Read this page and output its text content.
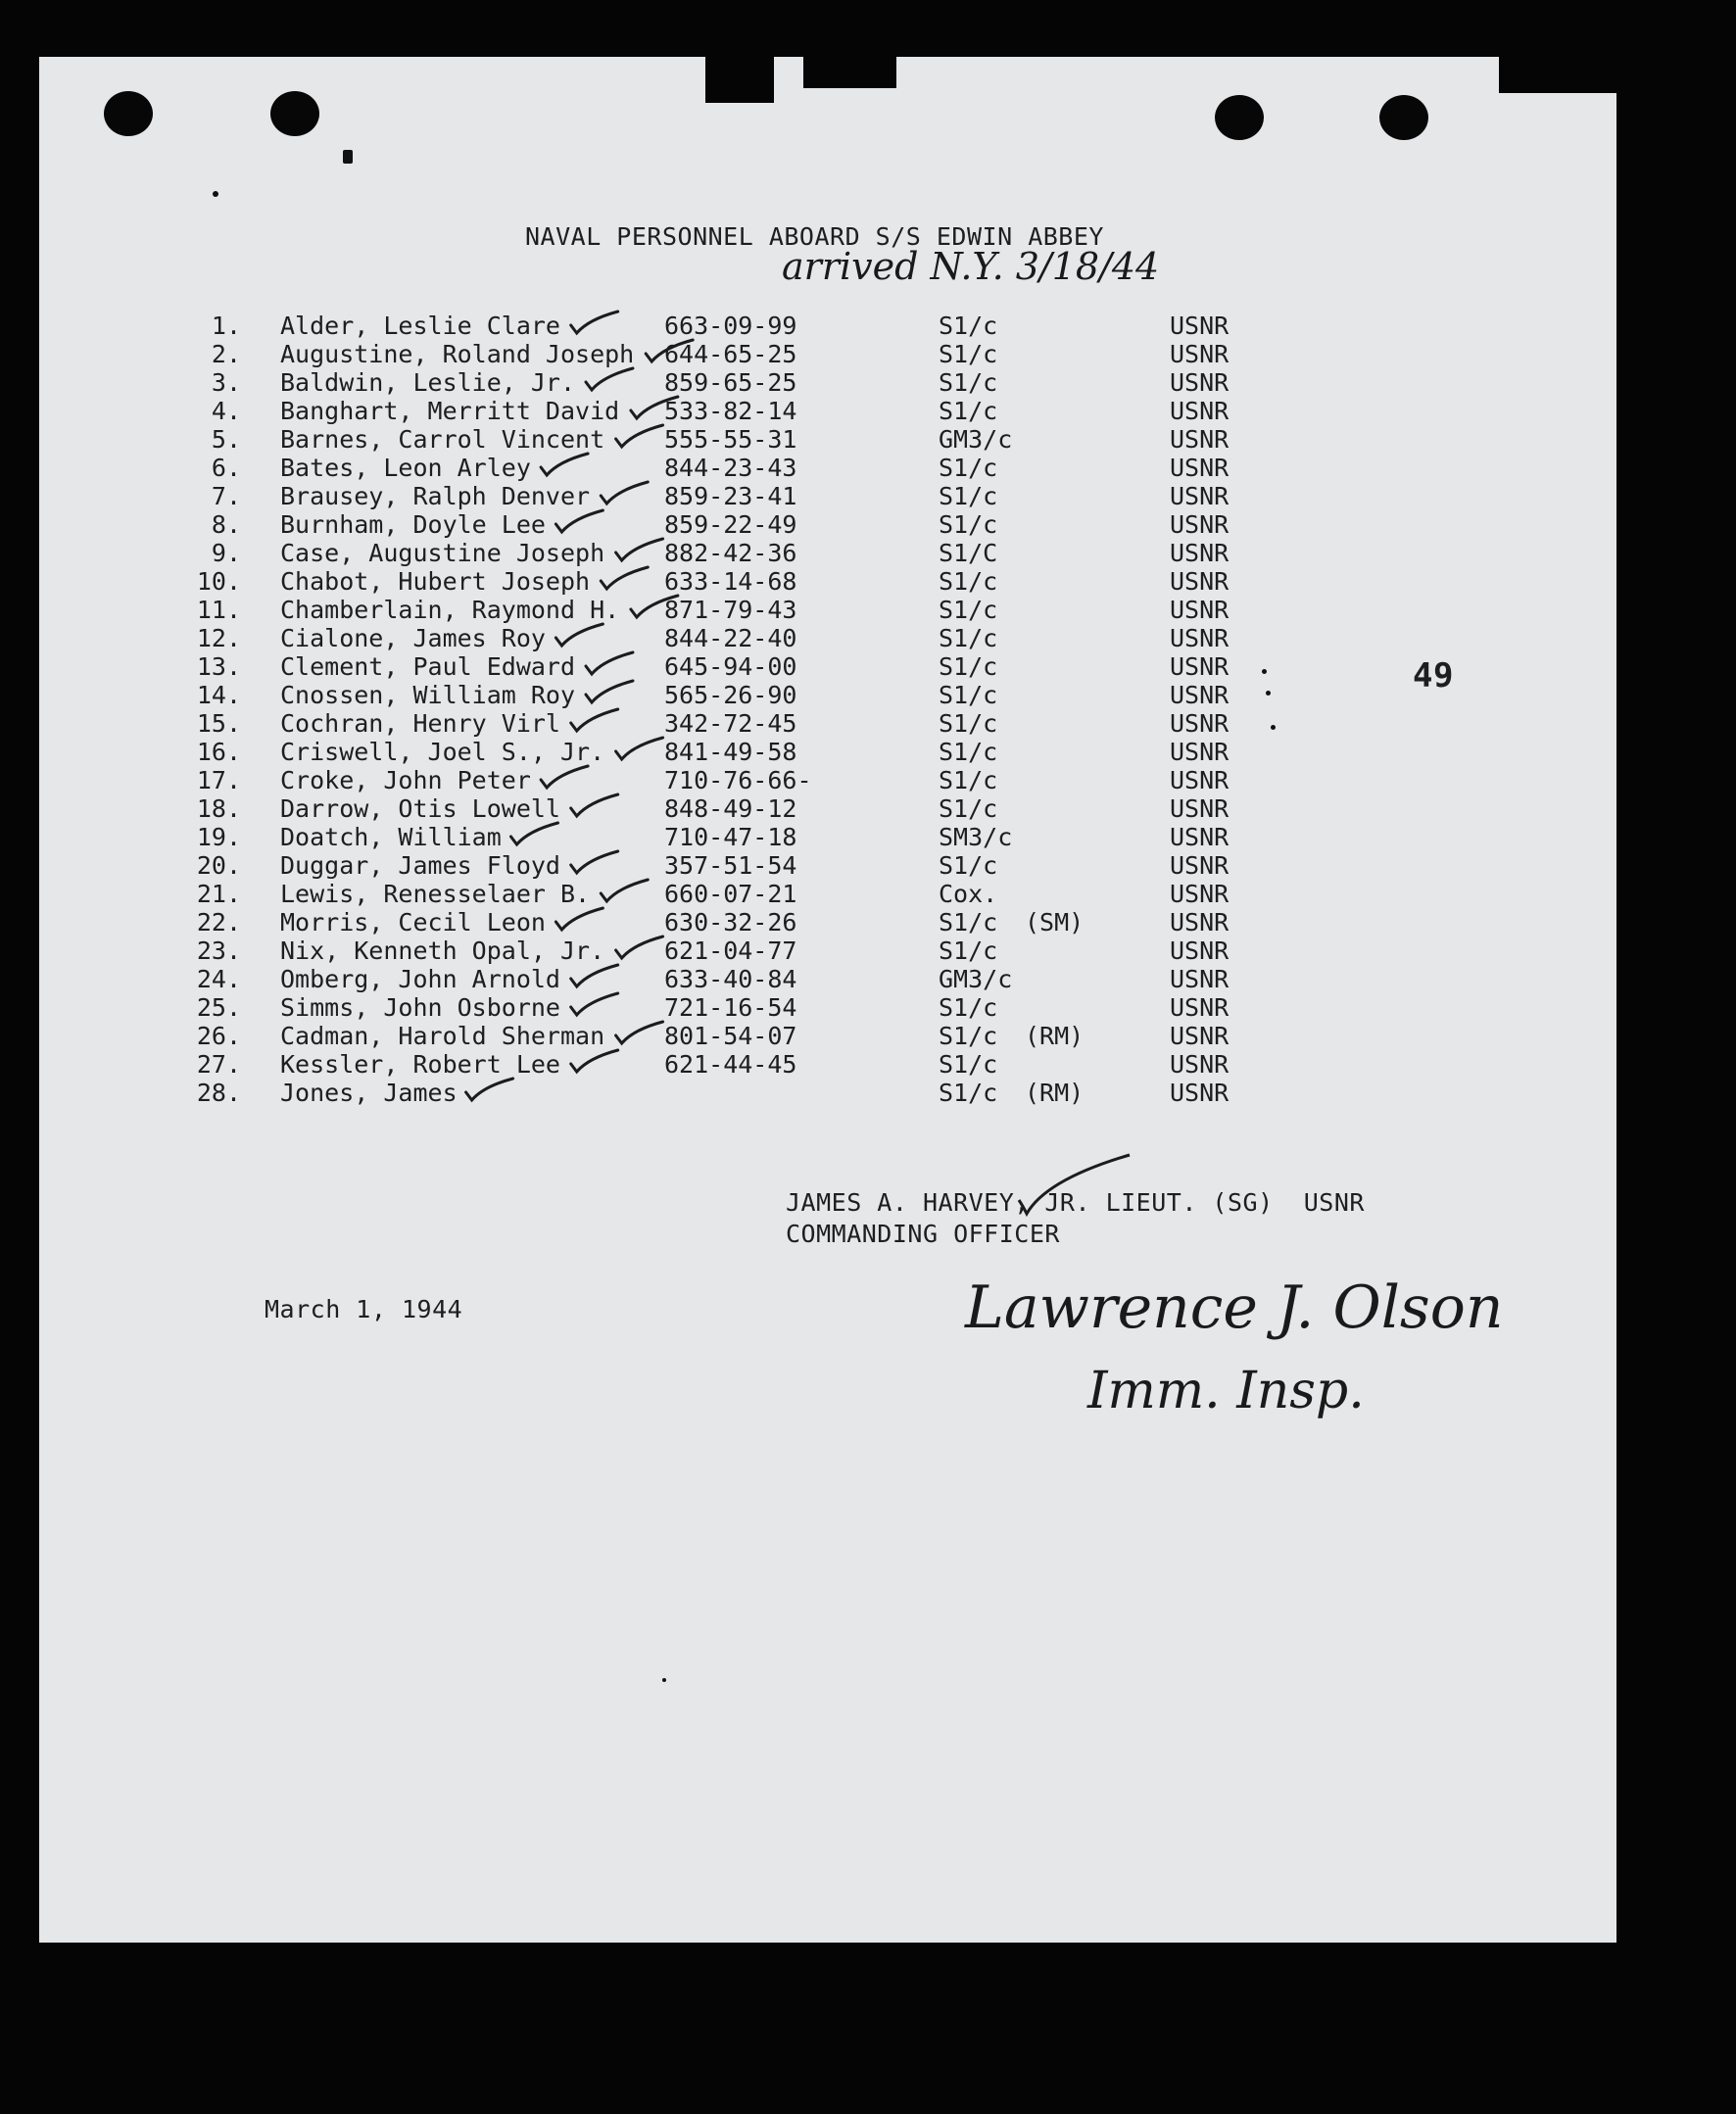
NAVAL PERSONNEL ABOARD S/S EDWIN ABBEY
arrived N.Y. 3/18/44
49
1. Alder, Leslie Clare	663-09-99	S1/c	USNR
2. Augustine, Roland Joseph 644-65-25	S1/c	USNR
3. Baldwin, Leslie, Jr.	859-65-25	S1/c	USNR
4. Banghart, Merritt David 533-82-14	S1/c	USNR
5. Barnes, Carrol Vincent 555-55-31	GM3/c	USNR
6. Bates, Leon Arley	844-23-43	S1/c	USNR
7. Brausey, Ralph Denver	859-23-41	S1/c	USNR
8. Burnham, Doyle Lee	859-22-49	S1/c	USNR
9. Case, Augustine Joseph 882-42-36	S1/C	USNR
10. Chabot, Hubert Joseph	633-14-68	S1/c	USNR
11. Chamberlain, Raymond H. 871-79-43	S1/c	USNR
12. Cialone, James Roy	844-22-40	S1/c	USNR
13. Clement, Paul Edward	645-94-00	S1/c	USNR
14. Cnossen, William Roy	565-26-90	S1/c	USNR
15. Cochran, Henry Virl	342-72-45	S1/c	USNR
16. Criswell, Joel S., Jr. 841-49-58	S1/c	USNR
17. Croke, John Peter	710-76-66-	S1/c	USNR
18. Darrow, Otis Lowell	848-49-12	S1/c	USNR
19. Doatch, William	710-47-18	SM3/c	USNR
20. Duggar, James Floyd	357-51-54	S1/c	USNR
21. Lewis, Renesselaer B.	660-07-21	Cox.	USNR
22. Morris, Cecil Leon	630-32-26	S1/c (SM)	USNR
23. Nix, Kenneth Opal, Jr. 621-04-77	S1/c	USNR
24. Omberg, John Arnold	633-40-84	GM3/c	USNR
25. Simms, John Osborne	721-16-54	S1/c	USNR
26. Cadman, Harold Sherman 801-54-07	S1/c (RM)	USNR
27. Kessler, Robert Lee	621-44-45	S1/c	USNR
28. Jones, James	S1/c (RM)	USNR
JAMES A. HARVEY, JR. LIEUT. (SG)  USNR
COMMANDING OFFICER
March 1, 1944	Lawrence J. Olson
Imm. Insp.
